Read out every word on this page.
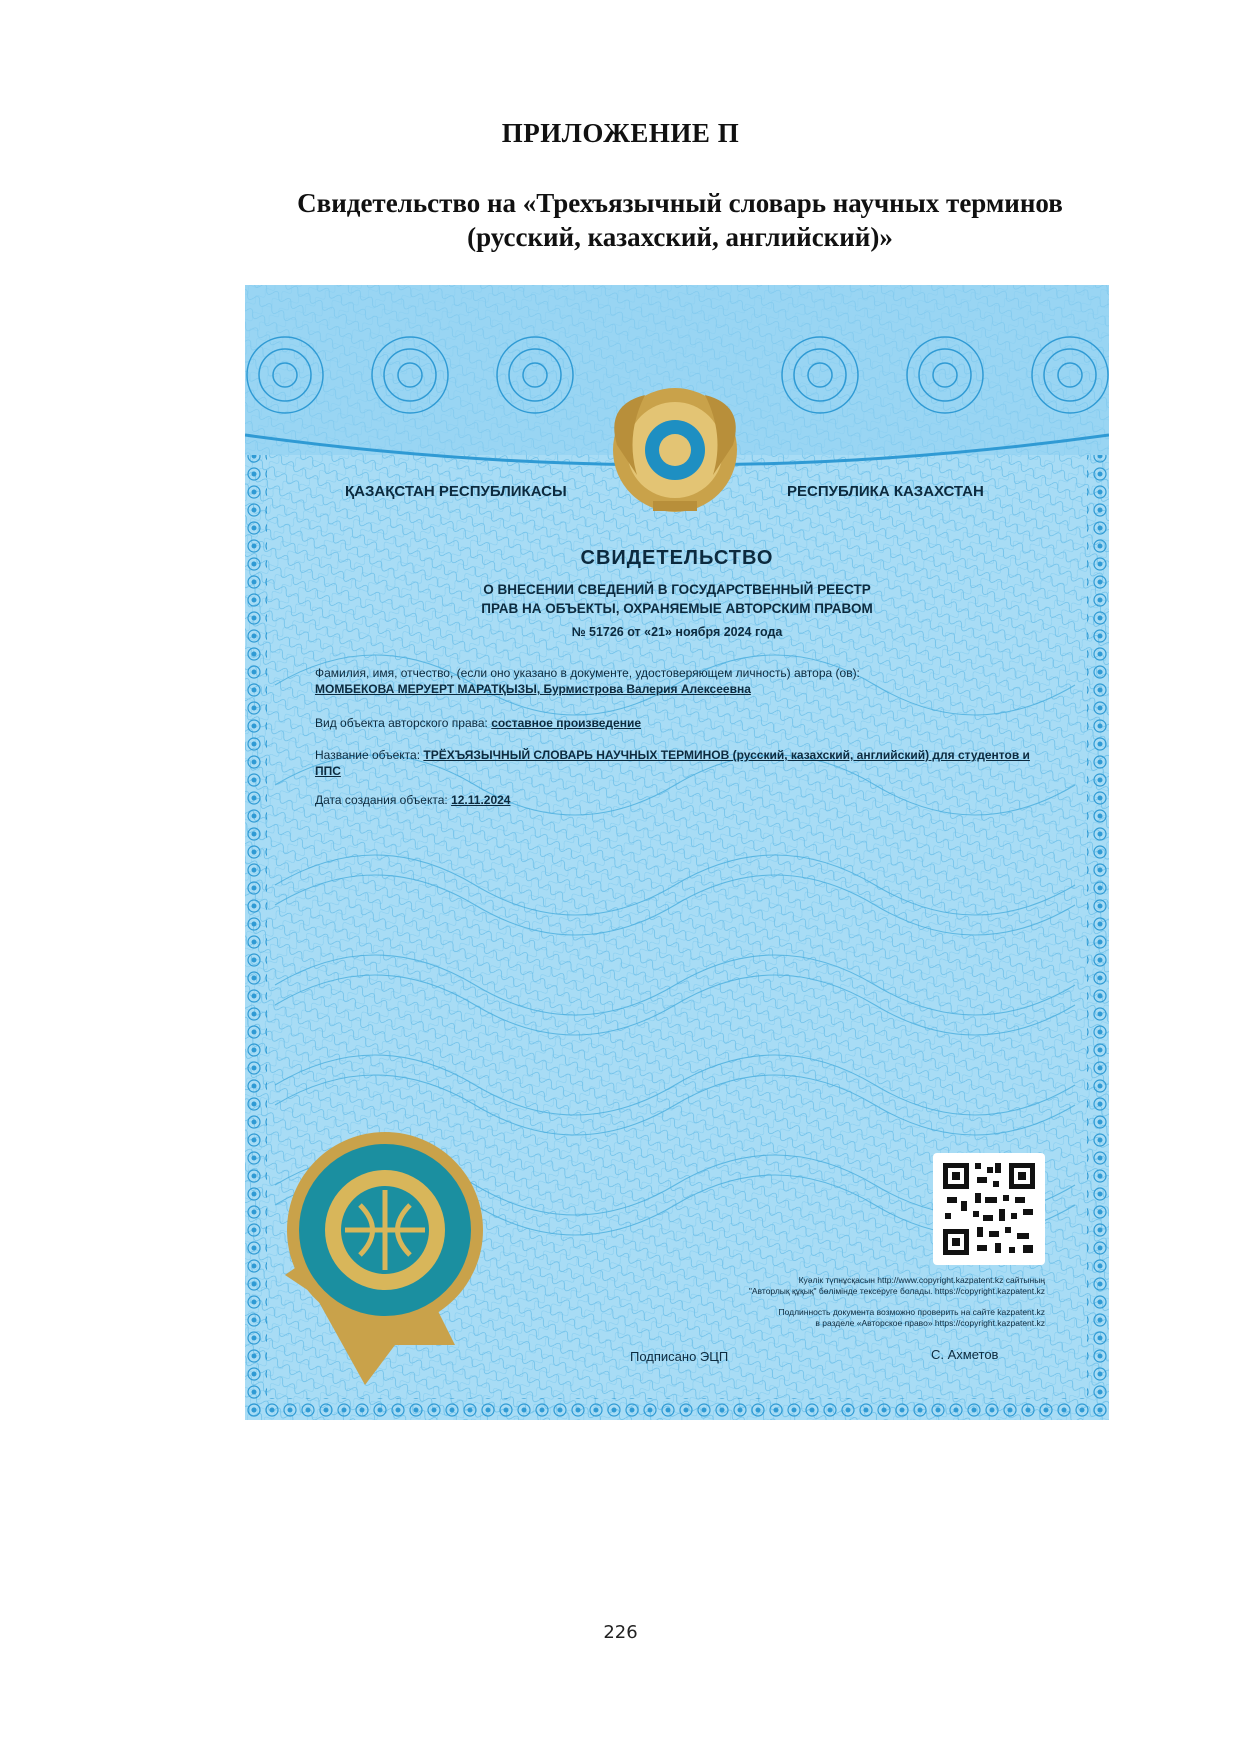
ПРИЛОЖЕНИЕ П
Свидетельство на «Трехъязычный словарь научных терминов
(русский, казахский, английский)»
ҚАЗАҚСТАН РЕСПУБЛИКАСЫ	РЕСПУБЛИКА КАЗАХСТАН
СВИДЕТЕЛЬСТВО
О ВНЕСЕНИИ СВЕДЕНИЙ В ГОСУДАРСТВЕННЫЙ РЕЕСТР
ПРАВ НА ОБЪЕКТЫ, ОХРАНЯЕМЫЕ АВТОРСКИМ ПРАВОМ
№ 51726 от «21» ноября 2024 года
Фамилия, имя, отчество, (если оно указано в документе, удостоверяющем личность) автора (ов):
МОМБЕКОВА МЕРУЕРТ МАРАТҚЫЗЫ, Бурмистрова Валерия Алексеевна
Вид объекта авторского права: составное произведение
Название объекта: ТРЁХЪЯЗЫЧНЫЙ СЛОВАРЬ НАУЧНЫХ ТЕРМИНОВ (русский, казахский, английский) для студентов и ППС
Дата создания объекта: 12.11.2024
Куәлік түпнұсқасын http://www.copyright.kazpatent.kz сайтының
"Авторлық құқық" бөлімінде тексеруге болады. https://copyright.kazpatent.kz
Подлинность документа возможно проверить на сайте kazpatent.kz
в разделе «Авторское право» https://copyright.kazpatent.kz
Подписано ЭЦП	С. Ахметов
226
